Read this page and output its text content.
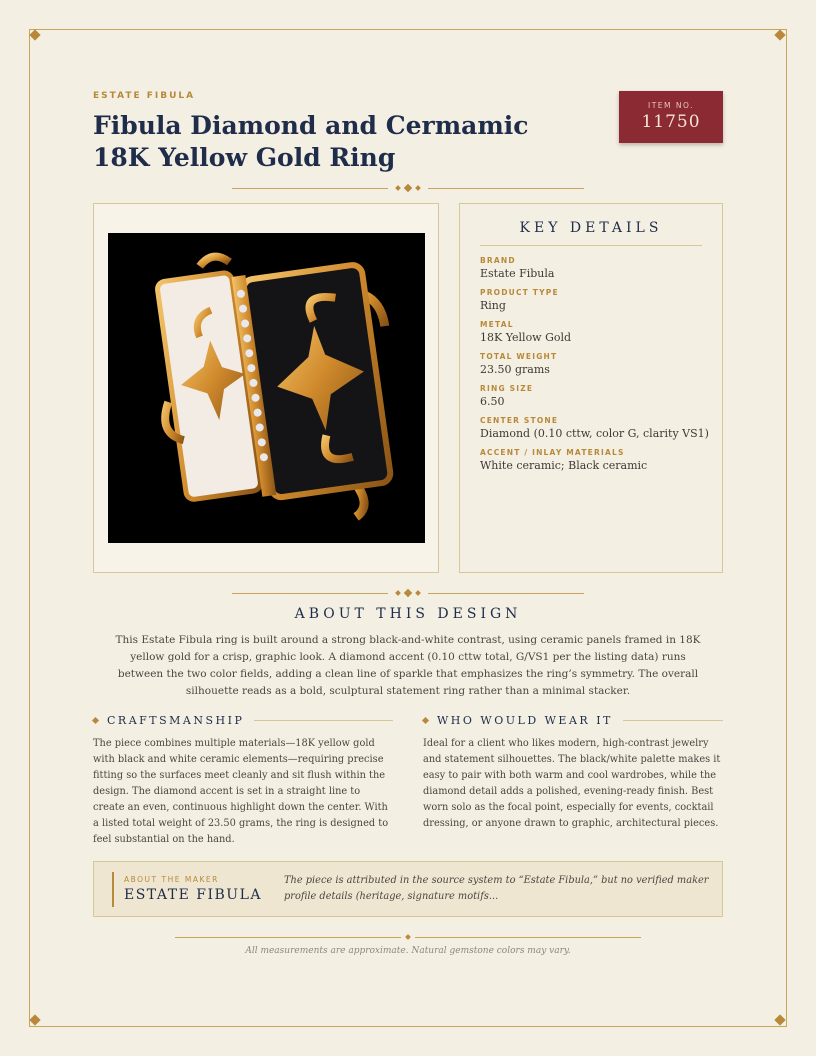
ESTATE FIBULA
Fibula Diamond and Cermamic 18K Yellow Gold Ring
ITEM NO.
11750
KEY DETAILS
BRAND
Estate Fibula
PRODUCT TYPE
Ring
METAL
18K Yellow Gold
TOTAL WEIGHT
23.50 grams
RING SIZE
6.50
CENTER STONE
Diamond (0.10 cttw, color G, clarity VS1)
ACCENT / INLAY MATERIALS
White ceramic; Black ceramic
ABOUT THIS DESIGN

This Estate Fibula ring is built around a strong black-and-white contrast, using ceramic panels framed in 18K yellow gold for a crisp, graphic look. A diamond accent (0.10 cttw total, G/VS1 per the listing data) runs between the two color fields, adding a clean line of sparkle that emphasizes the ring’s symmetry. The overall silhouette reads as a bold, sculptural statement ring rather than a minimal stacker.

CRAFTSMANSHIP

The piece combines multiple materials—18K yellow gold with black and white ceramic elements—requiring precise fitting so the surfaces meet cleanly and sit flush within the design. The diamond accent is set in a straight line to create an even, continuous highlight down the center. With a listed total weight of 23.50 grams, the ring is designed to feel substantial on the hand.

WHO WOULD WEAR IT

Ideal for a client who likes modern, high-contrast jewelry and statement silhouettes. The black/white palette makes it easy to pair with both warm and cool wardrobes, while the diamond detail adds a polished, evening-ready finish. Best worn solo as the focal point, especially for events, cocktail dressing, or anyone drawn to graphic, architectural pieces.

ABOUT THE MAKER
ESTATE FIBULA
The piece is attributed in the source system to “Estate Fibula,” but no verified maker profile details (heritage, signature motifs...
All measurements are approximate. Natural gemstone colors may vary.
